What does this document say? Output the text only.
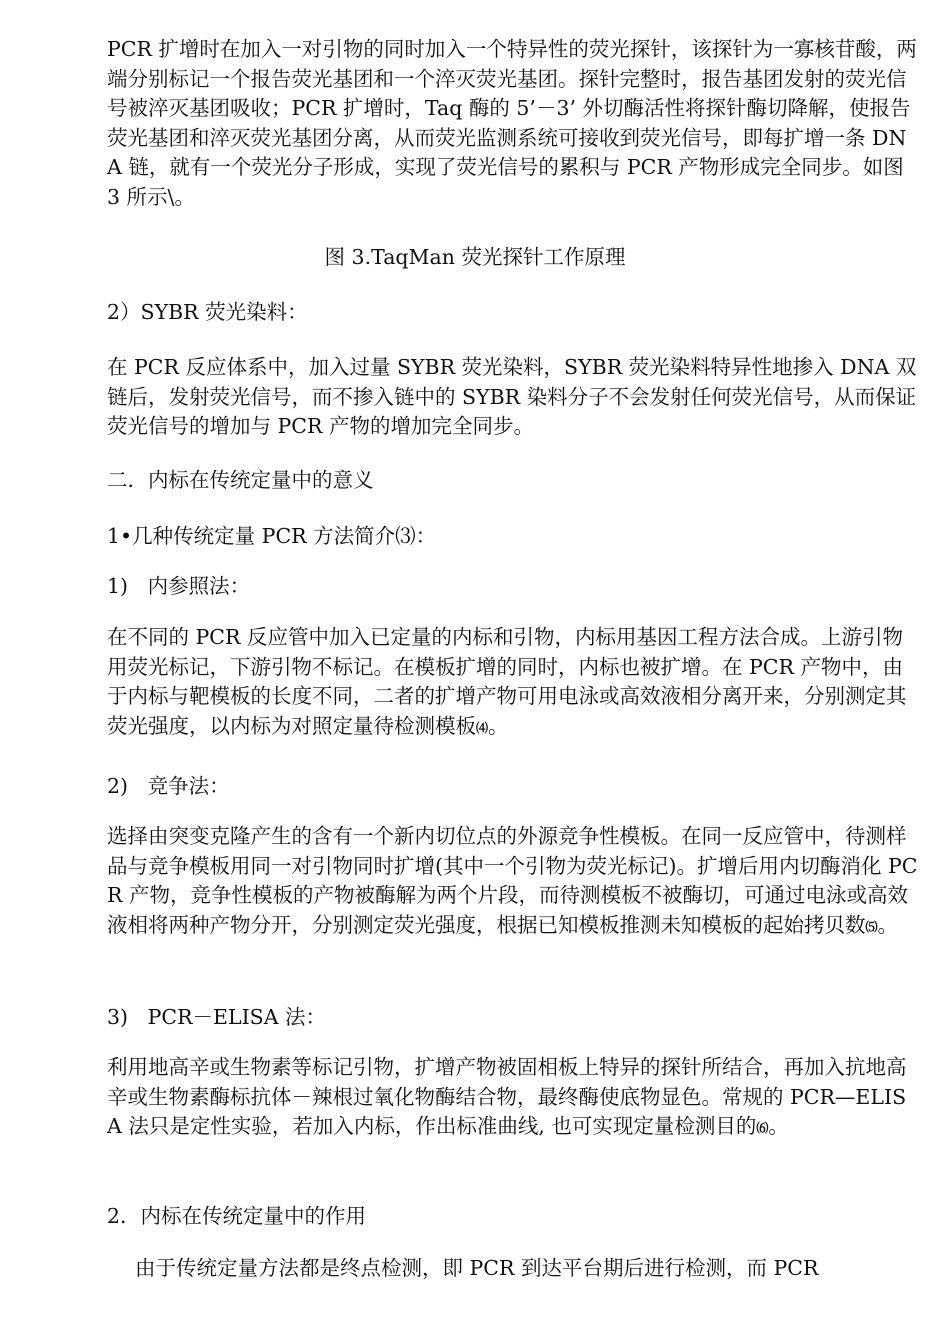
PCR 扩增时在加入一对引物的同时加入一个特异性的荧光探针，该探针为一寡核苷酸，两端分别标记一个报告荧光基团和一个淬灭荧光基团。探针完整时，报告基团发射的荧光信号被淬灭基团吸收；PCR 扩增时，Taq 酶的 5’－3’ 外切酶活性将探针酶切降解，使报告荧光基团和淬灭荧光基团分离，从而荧光监测系统可接收到荧光信号，即每扩增一条 DNA 链，就有一个荧光分子形成，实现了荧光信号的累积与 PCR 产物形成完全同步。如图 3 所示\。

图 3.TaqMan 荧光探针工作原理

2）SYBR 荧光染料：

在 PCR 反应体系中，加入过量 SYBR 荧光染料，SYBR 荧光染料特异性地掺入 DNA 双链后，发射荧光信号，而不掺入链中的 SYBR 染料分子不会发射任何荧光信号，从而保证荧光信号的增加与 PCR 产物的增加完全同步。

二．内标在传统定量中的意义

1•几种传统定量 PCR 方法简介⑶：

1)   内参照法：

在不同的 PCR 反应管中加入已定量的内标和引物，内标用基因工程方法合成。上游引物用荧光标记，下游引物不标记。在模板扩增的同时，内标也被扩增。在 PCR 产物中，由于内标与靶模板的长度不同，二者的扩增产物可用电泳或高效液相分离开来，分别测定其荧光强度，以内标为对照定量待检测模板⑷。

2)   竞争法：

选择由突变克隆产生的含有一个新内切位点的外源竞争性模板。在同一反应管中，待测样品与竞争模板用同一对引物同时扩增(其中一个引物为荧光标记)。扩增后用内切酶消化 PCR 产物，竞争性模板的产物被酶解为两个片段，而待测模板不被酶切，可通过电泳或高效液相将两种产物分开，分别测定荧光强度，根据已知模板推测未知模板的起始拷贝数⑸。

3)   PCR－ELISA 法：

利用地高辛或生物素等标记引物，扩增产物被固相板上特异的探针所结合，再加入抗地高辛或生物素酶标抗体－辣根过氧化物酶结合物，最终酶使底物显色。常规的 PCR—ELISA 法只是定性实验，若加入内标，作出标准曲线, 也可实现定量检测目的⑹。

2．内标在传统定量中的作用

由于传统定量方法都是终点检测，即 PCR 到达平台期后进行检测，而 PCR
